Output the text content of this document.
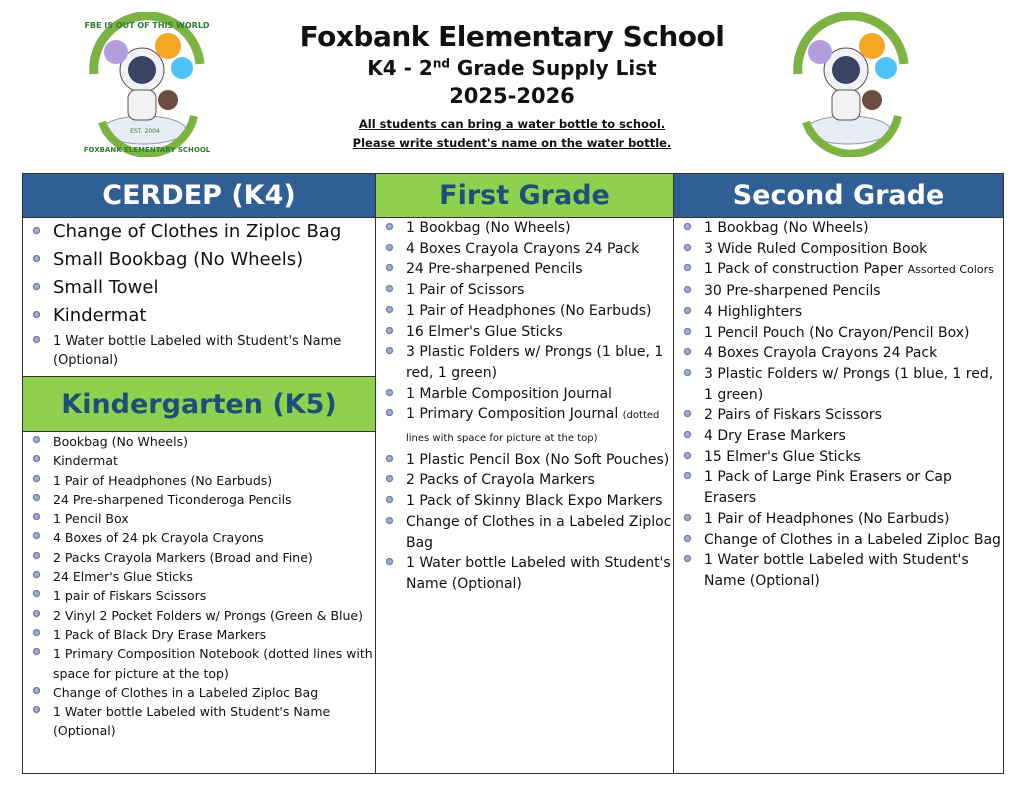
FBE IS OUT OF THIS WORLD
FOXBANK ELEMENTARY SCHOOL
EST. 2004
Foxbank Elementary School
K4 - 2nd Grade Supply List
2025-2026
All students can bring a water bottle to school.
Please write student's name on the water bottle.
CERDEP (K4)
Change of Clothes in Ziploc Bag
Small Bookbag (No Wheels)
Small Towel
Kindermat
1 Water bottle Labeled with Student's Name (Optional)
Kindergarten (K5)
Bookbag (No Wheels)
Kindermat
1 Pair of Headphones (No Earbuds)
24 Pre-sharpened Ticonderoga Pencils
1 Pencil Box
4 Boxes of 24 pk Crayola Crayons
2 Packs Crayola Markers (Broad and Fine)
24 Elmer's Glue Sticks
1 pair of Fiskars Scissors
2 Vinyl 2 Pocket Folders w/ Prongs (Green & Blue)
1 Pack of Black Dry Erase Markers
1 Primary Composition Notebook (dotted lines with space for picture at the top)
Change of Clothes in a Labeled Ziploc Bag
1 Water bottle Labeled with Student's Name (Optional)
First Grade
1 Bookbag (No Wheels)
4 Boxes Crayola Crayons 24 Pack
24 Pre-sharpened Pencils
1 Pair of Scissors
1 Pair of Headphones (No Earbuds)
16 Elmer's Glue Sticks
3 Plastic Folders w/ Prongs (1 blue, 1 red, 1 green)
1 Marble Composition Journal
1 Primary Composition Journal (dotted lines with space for picture at the top)
1 Plastic Pencil Box (No Soft Pouches)
2 Packs of Crayola Markers
1 Pack of Skinny Black Expo Markers
Change of Clothes in a Labeled Ziploc Bag
1 Water bottle Labeled with Student's Name (Optional)
Second Grade
1 Bookbag (No Wheels)
3 Wide Ruled Composition Book
1 Pack of construction Paper Assorted Colors
30 Pre-sharpened Pencils
4 Highlighters
1 Pencil Pouch (No Crayon/Pencil Box)
4 Boxes Crayola Crayons 24 Pack
3 Plastic Folders w/ Prongs (1 blue, 1 red, 1 green)
2 Pairs of Fiskars Scissors
4 Dry Erase Markers
15 Elmer's Glue Sticks
1 Pack of Large Pink Erasers or Cap Erasers
1 Pair of Headphones (No Earbuds)
Change of Clothes in a Labeled Ziploc Bag
1 Water bottle Labeled with Student's Name (Optional)
